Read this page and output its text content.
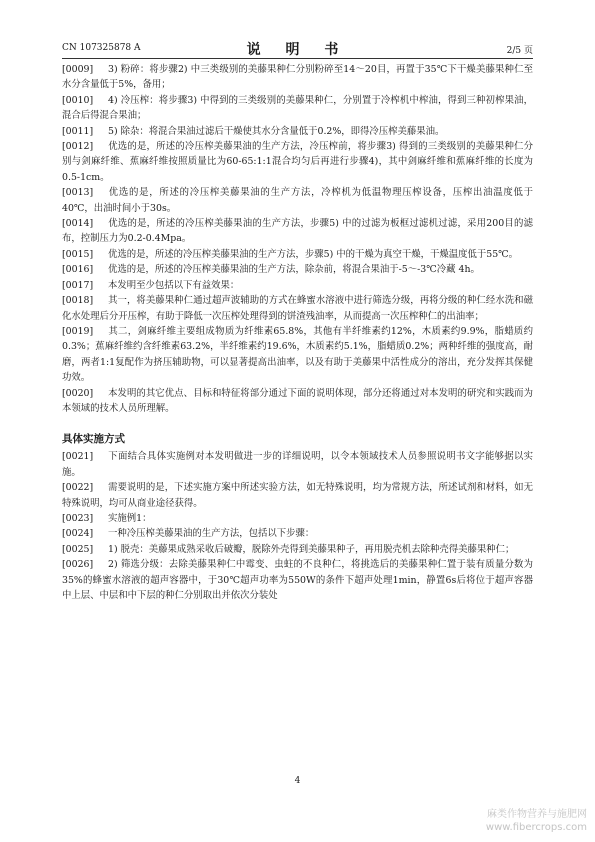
CN 107325878 A	说 明 书	2/5 页

[0009] 3) 粉碎：将步骤2) 中三类级别的美藤果种仁分别粉碎至14～20目，再置于35℃下干燥美藤果种仁至水分含量低于5%，备用；

[0010] 4) 冷压榨：将步骤3) 中得到的三类级别的美藤果种仁，分别置于冷榨机中榨油，得到三种初榨果油，混合后得混合果油；

[0011] 5) 除杂：将混合果油过滤后干燥使其水分含量低于0.2%，即得冷压榨美藤果油。

[0012] 优选的是，所述的冷压榨美藤果油的生产方法，冷压榨前，将步骤3) 得到的三类级别的美藤果种仁分别与剑麻纤维、蕉麻纤维按照质量比为60-65:1:1混合均匀后再进行步骤4)，其中剑麻纤维和蕉麻纤维的长度为0.5-1cm。

[0013] 优选的是，所述的冷压榨美藤果油的生产方法，冷榨机为低温物理压榨设备，压榨出油温度低于40℃，出油时间小于30s。

[0014] 优选的是，所述的冷压榨美藤果油的生产方法，步骤5) 中的过滤为板框过滤机过滤，采用200目的滤布，控制压力为0.2-0.4Mpa。

[0015] 优选的是，所述的冷压榨美藤果油的生产方法，步骤5) 中的干燥为真空干燥，干燥温度低于55℃。

[0016] 优选的是，所述的冷压榨美藤果油的生产方法，除杂前，将混合果油于-5～-3℃冷藏 4h。

[0017] 本发明至少包括以下有益效果：

[0018] 其一，将美藤果种仁通过超声波辅助的方式在蜂蜜水溶液中进行筛选分级，再将分级的种仁经水洗和磁化水处理后分开压榨，有助于降低一次压榨处理得到的饼渣残油率，从而提高一次压榨种仁的出油率；

[0019] 其二，剑麻纤维主要组成物质为纤维素65.8%，其他有半纤维素约12%，木质素约9.9%，脂蜡质约0.3%；蕉麻纤维约含纤维素63.2%，半纤维素约19.6%，木质素约5.1%，脂蜡质0.2%；两种纤维的强度高，耐磨，两者1:1复配作为挤压辅助物，可以显著提高出油率，以及有助于美藤果中活性成分的溶出，充分发挥其保健功效。

[0020] 本发明的其它优点、目标和特征将部分通过下面的说明体现，部分还将通过对本发明的研究和实践而为本领域的技术人员所理解。

具体实施方式

[0021] 下面结合具体实施例对本发明做进一步的详细说明，以令本领域技术人员参照说明书文字能够据以实施。

[0022] 需要说明的是，下述实施方案中所述实验方法，如无特殊说明，均为常规方法，所述试剂和材料，如无特殊说明，均可从商业途径获得。

[0023] 实施例1：

[0024] 一种冷压榨美藤果油的生产方法，包括以下步骤：

[0025] 1) 脱壳：美藤果成熟采收后破瓣，脱除外壳得到美藤果种子，再用脱壳机去除种壳得美藤果种仁；

[0026] 2) 筛选分级：去除美藤果种仁中霉变、虫蛀的不良种仁，将挑选后的美藤果种仁置于装有质量分数为35%的蜂蜜水溶液的超声容器中，于30℃超声功率为550W的条件下超声处理1min，静置6s后将位于超声容器中上层、中层和中下层的种仁分别取出并依次分装处

4
麻类作物营养与施肥网
www.fibercrops.com
